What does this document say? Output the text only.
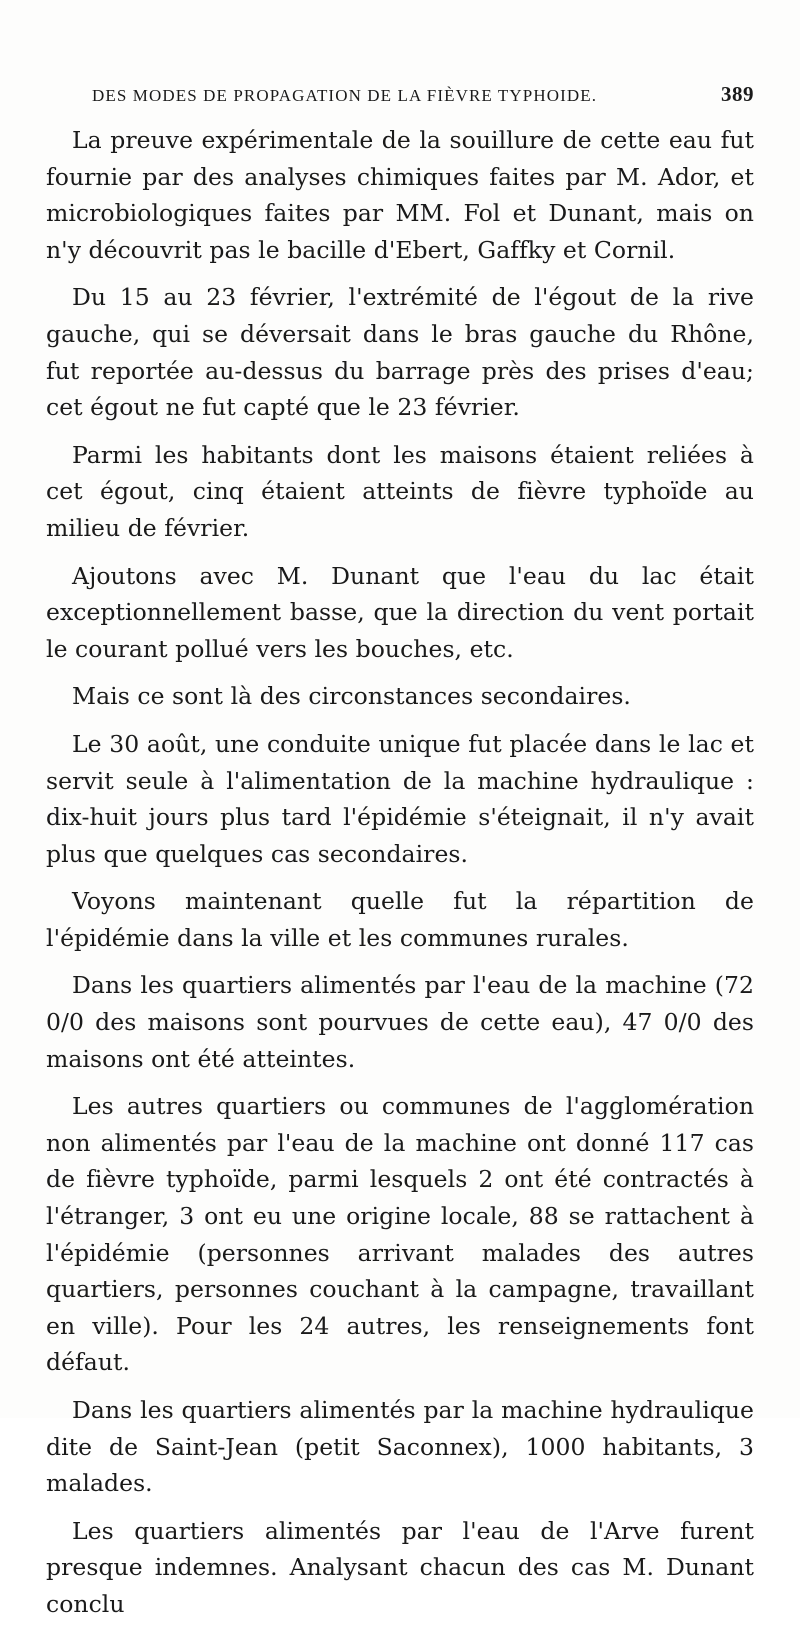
DES MODES DE PROPAGATION DE LA FIÈVRE TYPHOIDE.	389

La preuve expérimentale de la souillure de cette eau fut fournie par des analyses chimiques faites par M. Ador, et microbiologiques faites par MM. Fol et Dunant, mais on n'y découvrit pas le bacille d'Ebert, Gaffky et Cornil.

Du 15 au 23 février, l'extrémité de l'égout de la rive gauche, qui se déversait dans le bras gauche du Rhône, fut reportée au-dessus du barrage près des prises d'eau; cet égout ne fut capté que le 23 février.

Parmi les habitants dont les maisons étaient reliées à cet égout, cinq étaient atteints de fièvre typhoïde au milieu de février.

Ajoutons avec M. Dunant que l'eau du lac était exceptionnellement basse, que la direction du vent portait le courant pollué vers les bouches, etc.

Mais ce sont là des circonstances secondaires.

Le 30 août, une conduite unique fut placée dans le lac et servit seule à l'alimentation de la machine hydraulique : dix-huit jours plus tard l'épidémie s'éteignait, il n'y avait plus que quelques cas secondaires.

Voyons maintenant quelle fut la répartition de l'épidémie dans la ville et les communes rurales.

Dans les quartiers alimentés par l'eau de la machine (72 0/0 des maisons sont pourvues de cette eau), 47 0/0 des maisons ont été atteintes.

Les autres quartiers ou communes de l'agglomération non alimentés par l'eau de la machine ont donné 117 cas de fièvre typhoïde, parmi lesquels 2 ont été contractés à l'étranger, 3 ont eu une origine locale, 88 se rattachent à l'épidémie (personnes arrivant malades des autres quartiers, personnes couchant à la campagne, travaillant en ville). Pour les 24 autres, les renseignements font défaut.

Dans les quartiers alimentés par la machine hydraulique dite de Saint-Jean (petit Saconnex), 1000 habitants, 3 malades.

Les quartiers alimentés par l'eau de l'Arve furent presque indemnes. Analysant chacun des cas M. Dunant conclu
